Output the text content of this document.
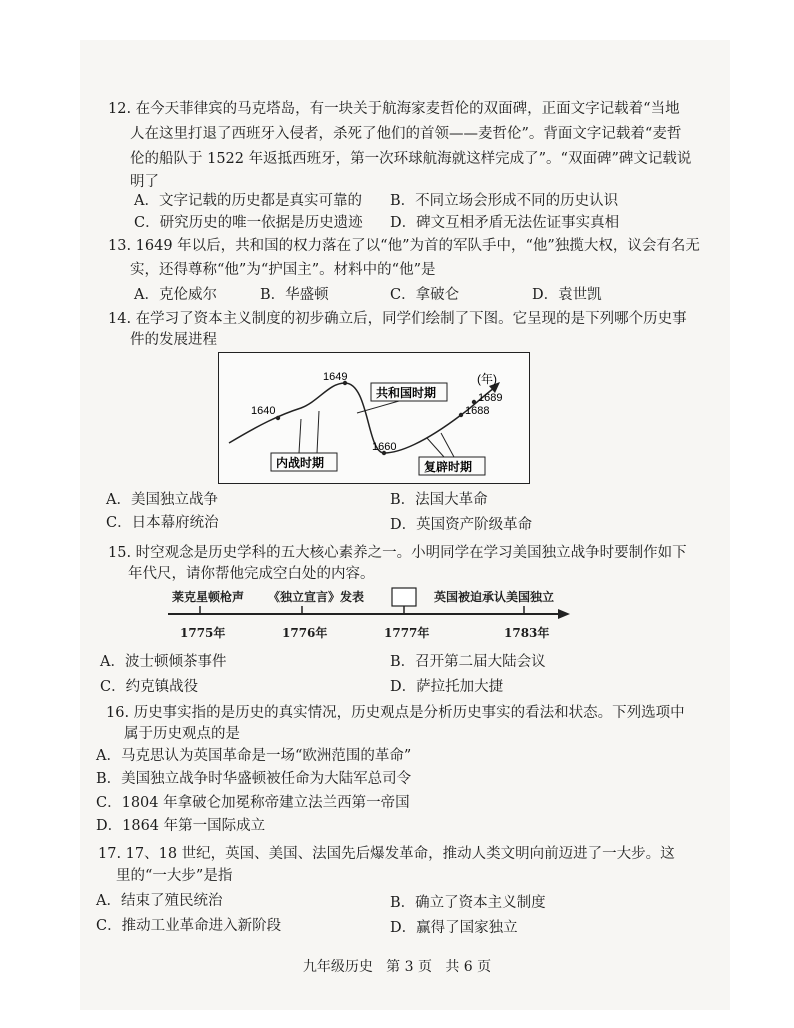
12. 在今天菲律宾的马克塔岛，有一块关于航海家麦哲伦的双面碑，正面文字记载着“当地
人在这里打退了西班牙入侵者，杀死了他们的首领——麦哲伦”。背面文字记载着“麦哲
伦的船队于 1522 年返抵西班牙，第一次环球航海就这样完成了”。“双面碑”碑文记载说
明了
A．文字记载的历史都是真实可靠的 B．不同立场会形成不同的历史认识
C．研究历史的唯一依据是历史遗迹 D．碑文互相矛盾无法佐证事实真相
13. 1649 年以后，共和国的权力落在了以“他”为首的军队手中，“他”独揽大权，议会有名无
实，还得尊称“他”为“护国主”。材料中的“他”是
A．克伦威尔	B．华盛顿	C．拿破仑	D．袁世凯
14. 在学习了资本主义制度的初步确立后，同学们绘制了下图。它呈现的是下列哪个历史事
件的发展进程
1640
1649
1660
1688
1689
(年)
共和国时期
内战时期	复辟时期
A．美国独立战争	B．法国大革命
C．日本幕府统治	D．英国资产阶级革命
15. 时空观念是历史学科的五大核心素养之一。小明同学在学习美国独立战争时要制作如下
年代尺，请你帮他完成空白处的内容。
莱克星顿枪声 《独立宣言》发表	英国被迫承认美国独立
1775年	1776年	1777年	1783年
A．波士顿倾茶事件	B．召开第二届大陆会议
C．约克镇战役	D．萨拉托加大捷
16. 历史事实指的是历史的真实情况，历史观点是分析历史事实的看法和状态。下列选项中
属于历史观点的是
A．马克思认为英国革命是一场“欧洲范围的革命”
B．美国独立战争时华盛顿被任命为大陆军总司令
C．1804 年拿破仑加冕称帝建立法兰西第一帝国
D．1864 年第一国际成立
17. 17、18 世纪，英国、美国、法国先后爆发革命，推动人类文明向前迈进了一大步。这
里的“一大步”是指
A．结束了殖民统治	B．确立了资本主义制度
C．推动工业革命进入新阶段	D．赢得了国家独立
九年级历史   第 3 页   共 6 页
